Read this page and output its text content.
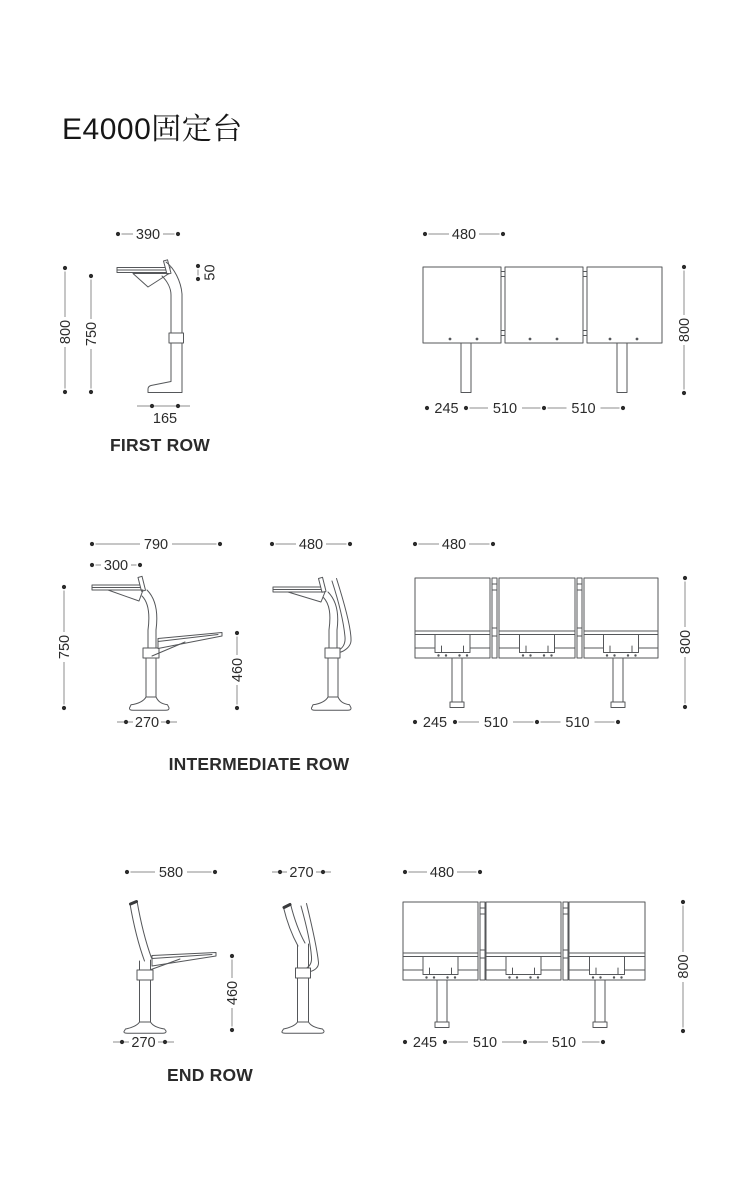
E4000固定台
390
50
800 750
165
480
800
245 510	510
FIRST ROW
790
300
750
460
270
480	480
800
245	510	510
INTERMEDIATE ROW
580	270
460
270
480
800
245 510	510
END ROW
